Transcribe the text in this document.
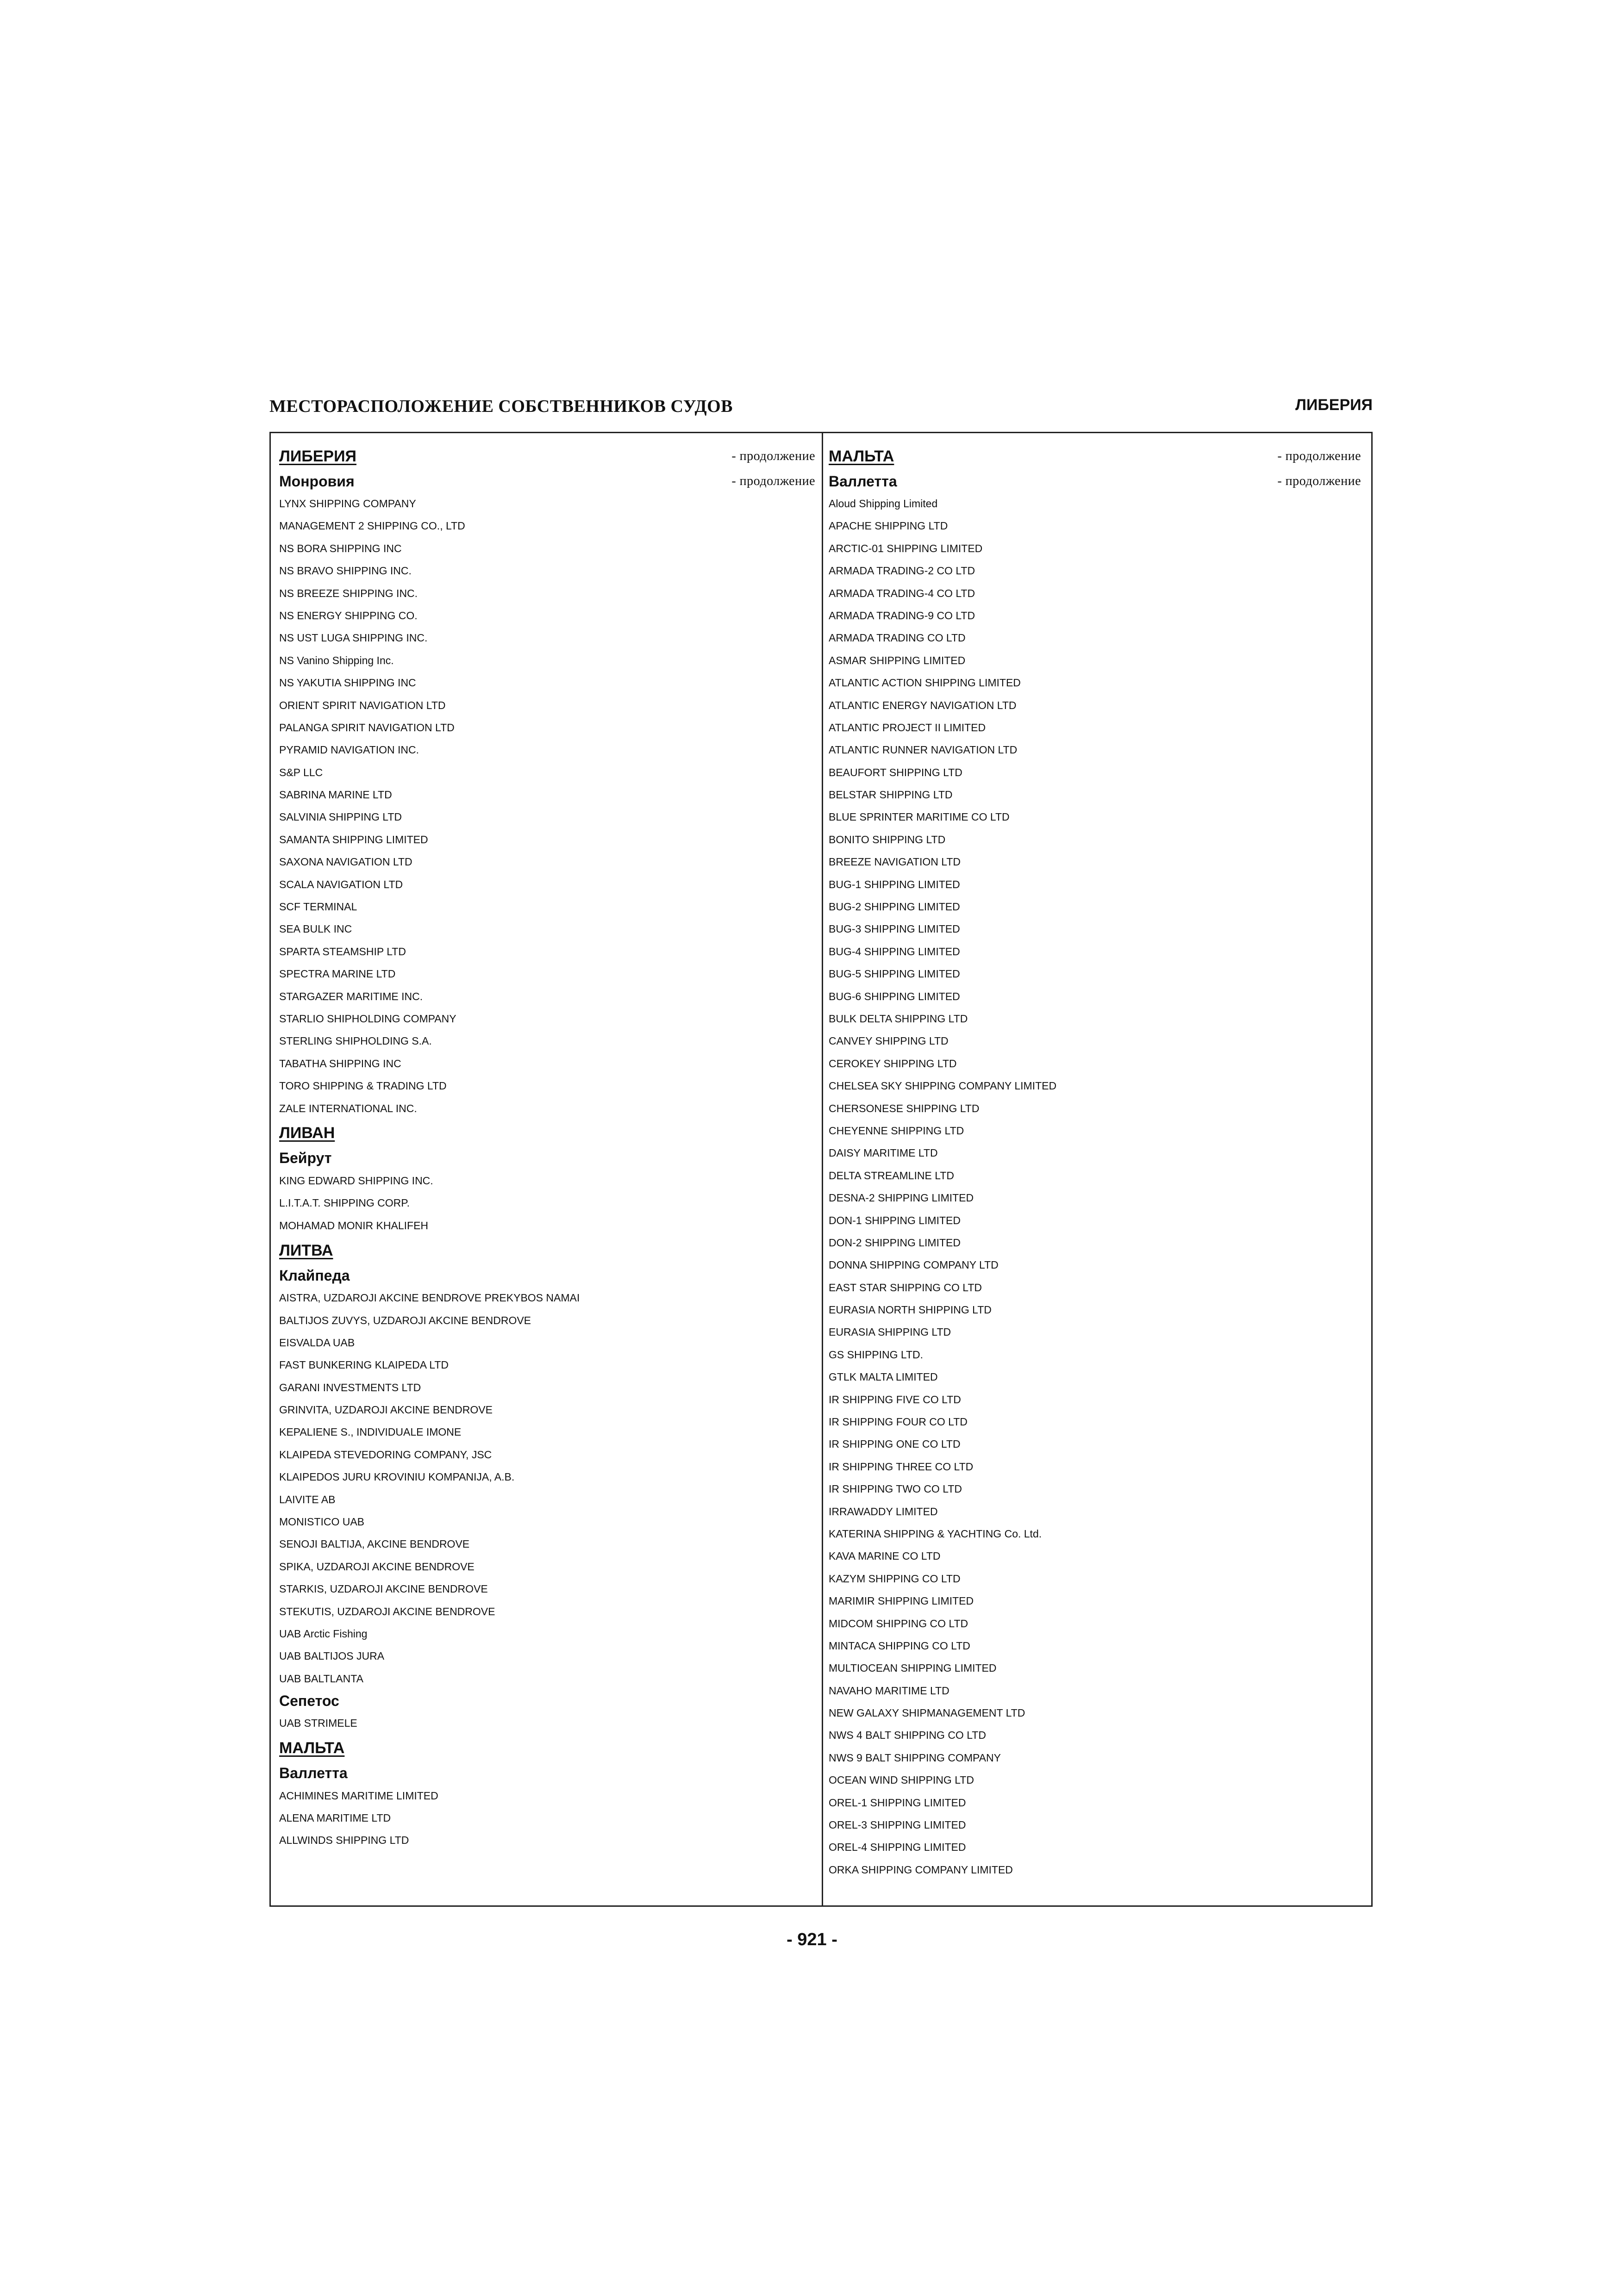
МЕСТОРАСПОЛОЖЕНИЕ СОБСТВЕННИКОВ СУДОВ	ЛИБЕРИЯ
ЛИБЕРИЯ	- продолжение
Монровия	- продолжение
LYNX SHIPPING COMPANY
MANAGEMENT 2 SHIPPING CO., LTD
NS BORA SHIPPING INC
NS BRAVO SHIPPING INC.
NS BREEZE SHIPPING INC.
NS ENERGY SHIPPING CO.
NS UST LUGA SHIPPING INC.
NS Vanino Shipping Inc.
NS YAKUTIA SHIPPING INC
ORIENT SPIRIT NAVIGATION LTD
PALANGA SPIRIT NAVIGATION LTD
PYRAMID NAVIGATION INC.
S&P LLC
SABRINA MARINE LTD
SALVINIA SHIPPING LTD
SAMANTA SHIPPING LIMITED
SAXONA NAVIGATION LTD
SCALA NAVIGATION LTD
SCF TERMINAL
SEA BULK INC
SPARTA STEAMSHIP LTD
SPECTRA MARINE LTD
STARGAZER MARITIME INC.
STARLIO SHIPHOLDING COMPANY
STERLING SHIPHOLDING S.A.
TABATHA SHIPPING INC
TORO SHIPPING & TRADING LTD
ZALE INTERNATIONAL INC.
ЛИВАН
Бейрут
KING EDWARD SHIPPING INC.
L.I.T.A.T. SHIPPING CORP.
MOHAMAD MONIR KHALIFEH
ЛИТВА
Клайпеда
AISTRA, UZDAROJI AKCINE BENDROVE PREKYBOS NAMAI
BALTIJOS ZUVYS, UZDAROJI AKCINE BENDROVE
EISVALDA UAB
FAST BUNKERING KLAIPEDA LTD
GARANI INVESTMENTS LTD
GRINVITA, UZDAROJI AKCINE BENDROVE
KEPALIENE S., INDIVIDUALE IMONE
KLAIPEDA STEVEDORING COMPANY, JSC
KLAIPEDOS JURU KROVINIU KOMPANIJA, A.B.
LAIVITE AB
MONISTICO UAB
SENOJI BALTIJA, AKCINE BENDROVE
SPIKA, UZDAROJI AKCINE BENDROVE
STARKIS, UZDAROJI AKCINE BENDROVE
STEKUTIS, UZDAROJI AKCINE BENDROVE
UAB Arctic Fishing
UAB BALTIJOS JURA
UAB BALTLANTA
Сепетос
UAB STRIMELE
МАЛЬТА
Валлетта
ACHIMINES MARITIME LIMITED
ALENA MARITIME LTD
ALLWINDS SHIPPING LTD
МАЛЬТА	- продолжение
Валлетта	- продолжение
Aloud Shipping Limited
APACHE SHIPPING LTD
ARCTIC-01 SHIPPING LIMITED
ARMADA TRADING-2 CO LTD
ARMADA TRADING-4 CO LTD
ARMADA TRADING-9 CO LTD
ARMADA TRADING CO LTD
ASMAR SHIPPING LIMITED
ATLANTIC ACTION SHIPPING LIMITED
ATLANTIC ENERGY NAVIGATION LTD
ATLANTIC PROJECT II LIMITED
ATLANTIC RUNNER NAVIGATION LTD
BEAUFORT SHIPPING LTD
BELSTAR SHIPPING LTD
BLUE SPRINTER MARITIME CO LTD
BONITO SHIPPING LTD
BREEZE NAVIGATION LTD
BUG-1 SHIPPING LIMITED
BUG-2 SHIPPING LIMITED
BUG-3 SHIPPING LIMITED
BUG-4 SHIPPING LIMITED
BUG-5 SHIPPING LIMITED
BUG-6 SHIPPING LIMITED
BULK DELTA SHIPPING LTD
CANVEY SHIPPING LTD
CEROKEY SHIPPING LTD
CHELSEA SKY SHIPPING COMPANY LIMITED
CHERSONESE SHIPPING LTD
CHEYENNE SHIPPING LTD
DAISY MARITIME LTD
DELTA STREAMLINE LTD
DESNA-2 SHIPPING LIMITED
DON-1 SHIPPING LIMITED
DON-2 SHIPPING LIMITED
DONNA SHIPPING COMPANY LTD
EAST STAR SHIPPING CO LTD
EURASIA NORTH SHIPPING LTD
EURASIA SHIPPING LTD
GS SHIPPING LTD.
GTLK MALTA LIMITED
IR SHIPPING FIVE CO LTD
IR SHIPPING FOUR CO LTD
IR SHIPPING ONE CO LTD
IR SHIPPING THREE CO LTD
IR SHIPPING TWO CO LTD
IRRAWADDY LIMITED
KATERINA SHIPPING & YACHTING Co. Ltd.
KAVA MARINE CO LTD
KAZYM SHIPPING CO LTD
MARIMIR SHIPPING LIMITED
MIDCOM SHIPPING CO LTD
MINTACA SHIPPING CO LTD
MULTIOCEAN SHIPPING LIMITED
NAVAHO MARITIME LTD
NEW GALAXY SHIPMANAGEMENT LTD
NWS 4 BALT SHIPPING CO LTD
NWS 9 BALT SHIPPING COMPANY
OCEAN WIND SHIPPING LTD
OREL-1 SHIPPING LIMITED
OREL-3 SHIPPING LIMITED
OREL-4 SHIPPING LIMITED
ORKA SHIPPING COMPANY LIMITED
- 921 -
